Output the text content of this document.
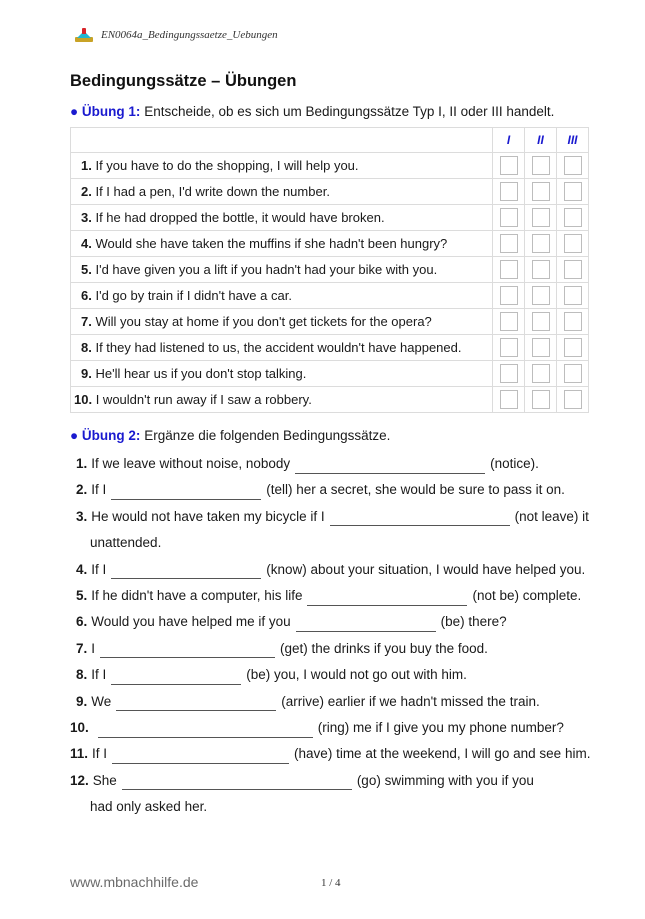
EN0064a_Bedingungssaetze_Uebungen
Bedingungssätze – Übungen
● Übung 1: Entscheide, ob es sich um Bedingungssätze Typ I, II oder III handelt.
	I	II	III
1. If you have to do the shopping, I will help you.			
2. If I had a pen, I'd write down the number.			
3. If he had dropped the bottle, it would have broken.			
4. Would she have taken the muffins if she hadn't been hungry?			
5. I'd have given you a lift if you hadn't had your bike with you.			
6. I'd go by train if I didn't have a car.			
7. Will you stay at home if you don't get tickets for the opera?			
8. If they had listened to us, the accident wouldn't have happened.			
9. He'll hear us if you don't stop talking.			
10. I wouldn't run away if I saw a robbery.			
● Übung 2: Ergänze die folgenden Bedingungssätze.
1. If we leave without noise, nobody	(notice).
2. If I	(tell) her a secret, she would be sure to pass it on.
3. He would not have taken my bicycle if I	(not leave) it
unattended.
4. If I	(know) about your situation, I would have helped you.
5. If he didn't have a computer, his life	(not be) complete.
6. Would you have helped me if you	(be) there?
7. I	(get) the drinks if you buy the food.
8. If I	(be) you, I would not go out with him.
9. We	(arrive) earlier if we hadn't missed the train.
10.	(ring) me if I give you my phone number?
11. If I	(have) time at the weekend, I will go and see him.
12. She	(go) swimming with you if you
had only asked her.
www.mbnachhilfe.de	1 / 4
